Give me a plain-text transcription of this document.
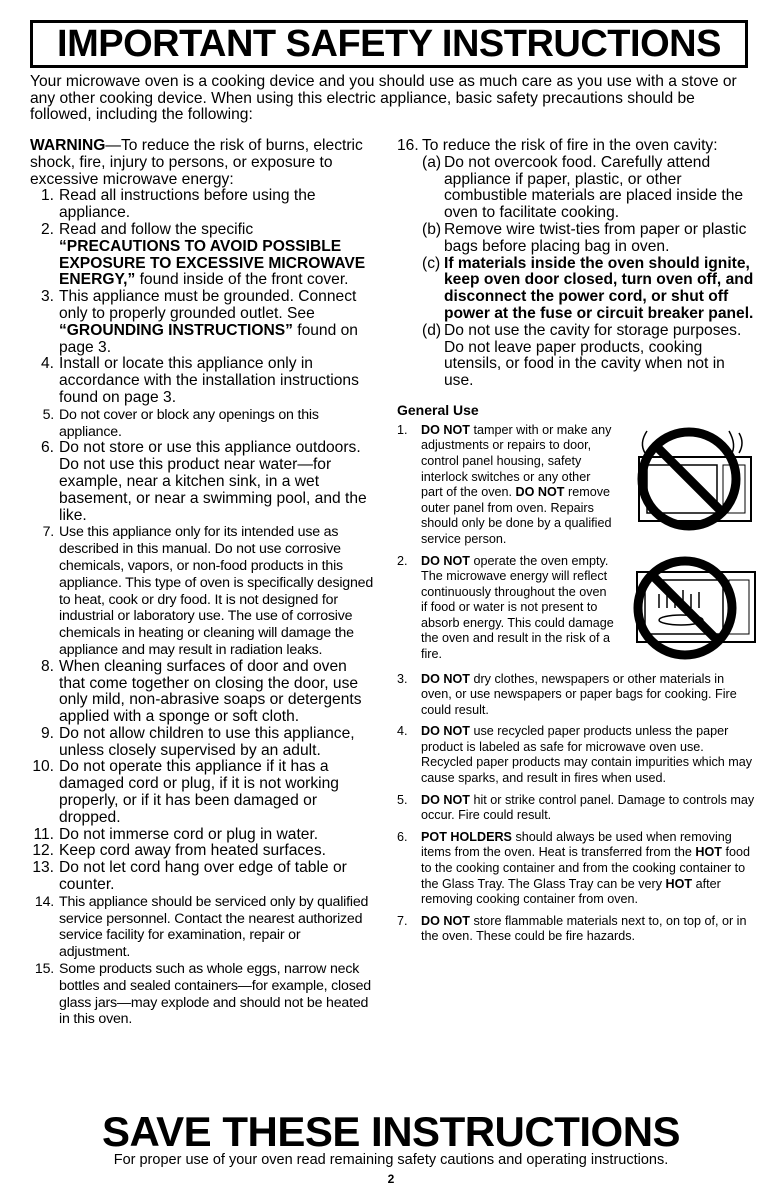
IMPORTANT SAFETY INSTRUCTIONS
Your microwave oven is a cooking device and you should use as much care as you use with a stove or any other cooking device. When using this electric appliance, basic safety precautions should be followed, including the following:
WARNING—To reduce the risk of burns, electric shock, fire, injury to persons, or exposure to excessive microwave energy:
1. Read all instructions before using the appliance.
2. Read and follow the specific “PRECAUTIONS TO AVOID POSSIBLE EXPOSURE TO EXCESSIVE MICROWAVE ENERGY,” found inside of the front cover.
3. This appliance must be grounded. Connect only to properly grounded outlet. See “GROUNDING INSTRUCTIONS” found on page 3.
4. Install or locate this appliance only in accordance with the installation instructions found on page 3.
5. Do not cover or block any openings on this appliance.
6. Do not store or use this appliance outdoors.
Do not use this product near water—for example, near a kitchen sink, in a wet basement, or near a swimming pool, and the like.
7. Use this appliance only for its intended use as described in this manual. Do not use corrosive chemicals, vapors, or non-food products in this appliance. This type of oven is specifically designed to heat, cook or dry food. It is not designed for industrial or laboratory use. The use of corrosive chemicals in heating or cleaning will damage the appliance and may result in radiation leaks.
8. When cleaning surfaces of door and oven that come together on closing the door, use only mild, non-abrasive soaps or detergents applied with a sponge or soft cloth.
9. Do not allow children to use this appliance, unless closely supervised by an adult.
10. Do not operate this appliance if it has a damaged cord or plug, if it is not working properly, or if it has been damaged or dropped.
11. Do not immerse cord or plug in water.
12. Keep cord away from heated surfaces.
13. Do not let cord hang over edge of table or counter.
14. This appliance should be serviced only by qualified service personnel. Contact the nearest authorized service facility for examination, repair or adjustment.
15. Some products such as whole eggs, narrow neck bottles and sealed containers—for example, closed glass jars—may explode and should not be heated in this oven.
16. To reduce the risk of fire in the oven cavity:
(a) Do not overcook food. Carefully attend appliance if paper, plastic, or other combustible materials are placed inside the oven to facilitate cooking.
(b) Remove wire twist-ties from paper or plastic bags before placing bag in oven.
(c) If materials inside the oven should ignite, keep oven door closed, turn oven off, and disconnect the power cord, or shut off power at the fuse or circuit breaker panel.
(d) Do not use the cavity for storage purposes. Do not leave paper products, cooking utensils, or food in the cavity when not in use.
General Use
1.	DO NOT tamper with or make any adjustments or repairs to door, control panel housing, safety interlock switches or any other part of the oven. DO NOT remove outer panel from oven. Repairs should only be done by a qualified service person.
2.	DO NOT operate the oven empty. The microwave energy will reflect continuously throughout the oven if food or water is not present to absorb energy. This could damage the oven and result in the risk of a fire.
3.	DO NOT dry clothes, newspapers or other materials in oven, or use newspapers or paper bags for cooking. Fire could result.
4.	DO NOT use recycled paper products unless the paper product is labeled as safe for microwave oven use. Recycled paper products may contain impurities which may cause sparks, and result in fires when used.
5.	DO NOT hit or strike control panel. Damage to controls may occur. Fire could result.
6.	POT HOLDERS should always be used when removing items from the oven. Heat is transferred from the HOT food to the cooking container and from the cooking container to the Glass Tray. The Glass Tray can be very HOT after removing cooking container from oven.
7.	DO NOT store flammable materials next to, on top of, or in the oven. These could be fire hazards.
SAVE THESE INSTRUCTIONS
For proper use of your oven read remaining safety cautions and operating instructions.
2
